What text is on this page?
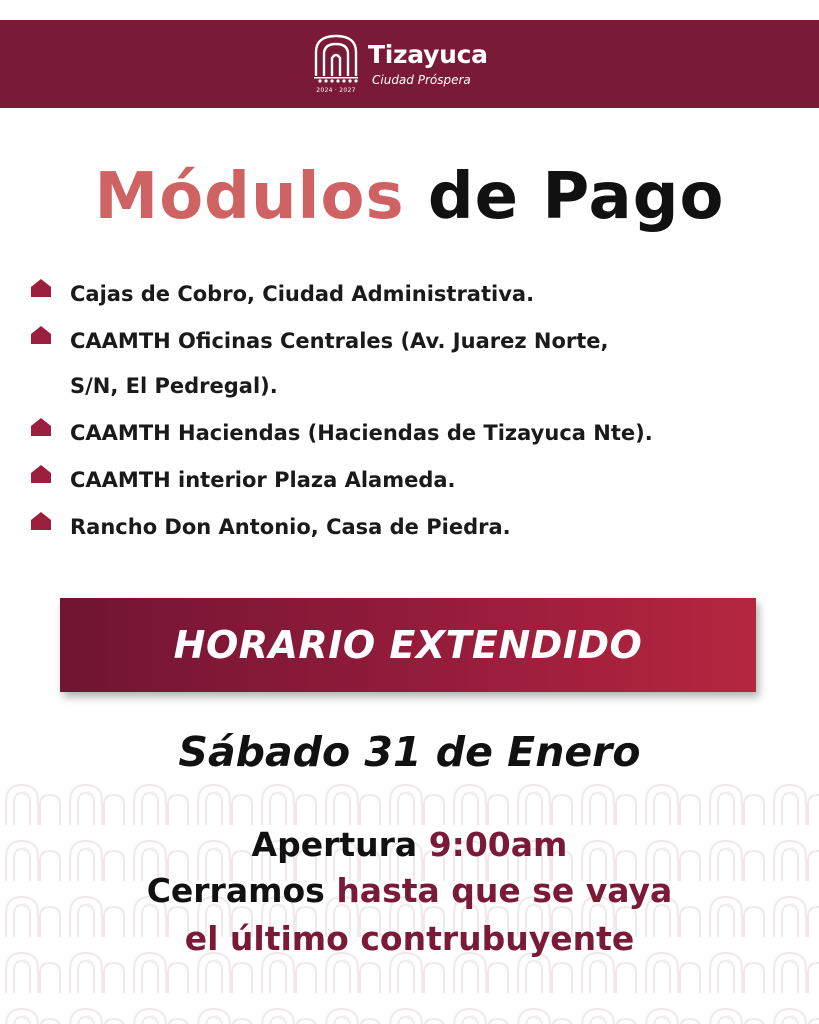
2024 · 2027
Tizayuca
Ciudad Próspera
Módulos de Pago
Cajas de Cobro, Ciudad Administrativa.
CAAMTH Oficinas Centrales (Av. Juarez Norte,
S/N, El Pedregal).
CAAMTH Haciendas (Haciendas de Tizayuca Nte).
CAAMTH interior Plaza Alameda.
Rancho Don Antonio, Casa de Piedra.
HORARIO EXTENDIDO
Sábado 31 de Enero
Apertura 9:00am
Cerramos hasta que se vaya
el último contrubuyente
